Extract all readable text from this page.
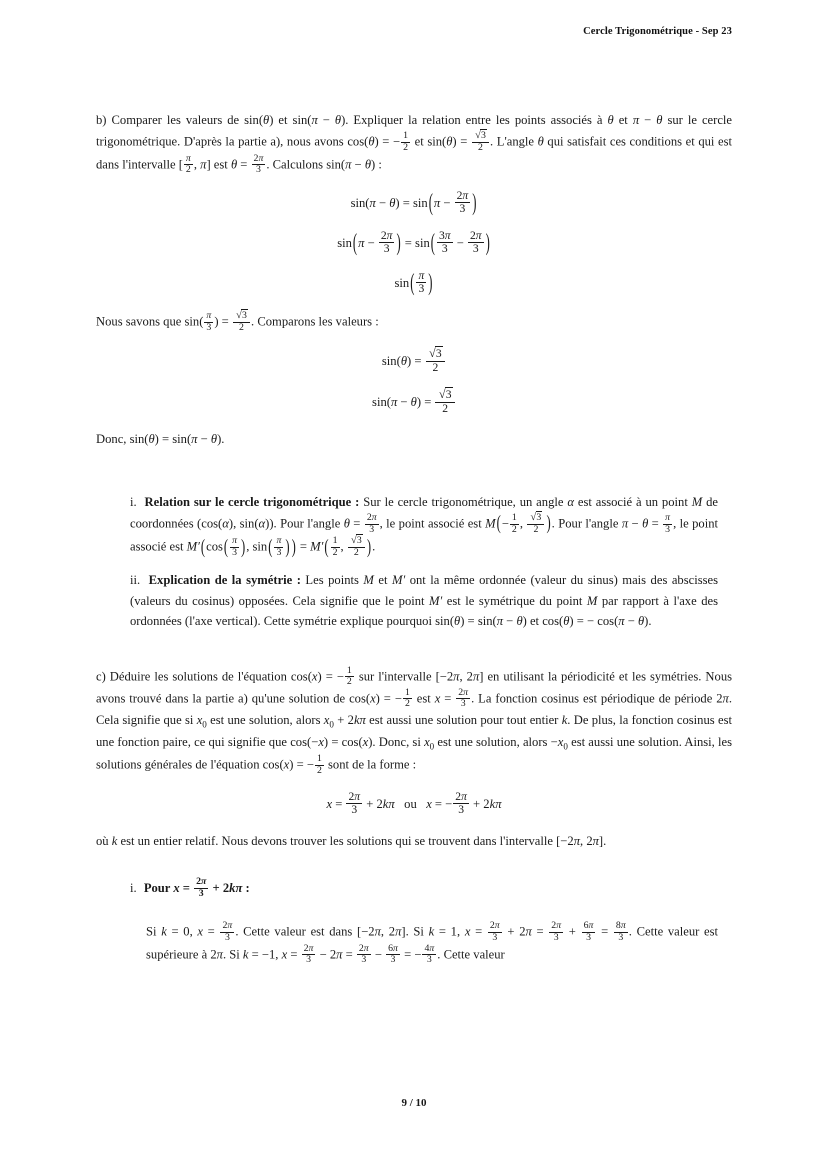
Cercle Trigonométrique - Sep 23

b) Comparer les valeurs de sin(θ) et sin(π − θ). Expliquer la relation entre les points associés à θ et π − θ sur le cercle trigonométrique. D'après la partie a), nous avons cos(θ) = − $\frac{1}{2}$ et $\sin(\theta) = \frac{√3}{2}$ . L'angle θ qui satisfait ces conditions et qui est dans l'intervalle [ $\frac{\pi}{2}$ , π] est $\theta = \frac{2\pi}{3}$ . Calculons sin(π − θ) :

$\sin(\pi - \theta) = \sin(\pi - \frac{2\pi}{3}$ )
$\sin(\pi - \frac{2\pi}{3}$ ) = $\sin( \frac{3\pi}{3} - \frac{2\pi}{3}$ )
$\sin( \frac{\pi}{3}$ )

Nous savons que $\sin( \frac{\pi}{3}$ ) = $\frac{√3}{2}$ . Comparons les valeurs :

$\sin(\theta) = \frac{√3}{2}$
$\sin(\pi - \theta) = \frac{√3}{2}$

Donc, sin(θ) = sin(π − θ).

i. Relation sur le cercle trigonométrique : Sur le cercle trigonométrique, un angle α est associé à un point M de coordonnées (cos(α), sin(α)). Pour l'angle $\theta = \frac{2\pi}{3}$ , le point associé est $M(- \frac{1}{2}$ , $\frac{√3}{2}$ ). Pour l'angle $\pi - \theta = \frac{\pi}{3}$ , le point associé est $M'(\cos( \frac{\pi}{3}$ ), $\sin( \frac{\pi}{3}$ ) ) = $M'( \frac{1}{2}$ , $\frac{√3}{2}$ ).

ii. Explication de la symétrie : Les points M et M′ ont la même ordonnée (valeur du sinus) mais des abscisses (valeurs du cosinus) opposées. Cela signifie que le point M′ est le symétrique du point M par rapport à l'axe des ordonnées (l'axe vertical). Cette symétrie explique pourquoi sin(θ) = sin(π − θ) et cos(θ) = − cos(π − θ).

c) Déduire les solutions de l'équation cos(x) = − $\frac{1}{2}$ sur l'intervalle [−2π, 2π] en utilisant la périodicité et les symétries. Nous avons trouvé dans la partie a) qu'une solution de cos(x) = − $\frac{1}{2}$ est $x = \frac{2\pi}{3}$ . La fonction cosinus est périodique de période 2π. Cela signifie que si $x_0$ est une solution, alors $x_0 + 2k\pi$ est aussi une solution pour tout entier k. De plus, la fonction cosinus est une fonction paire, ce qui signifie que cos(−x) = cos(x). Donc, si $x_0$ est une solution, alors $-x_0$ est aussi une solution. Ainsi, les solutions générales de l'équation cos(x) = − $\frac{1}{2}$ sont de la forme :

$x = \frac{2\pi}{3} + 2k\pi$   ou   x = − $\frac{2\pi}{3} + 2k\pi$

où k est un entier relatif. Nous devons trouver les solutions qui se trouvent dans l'intervalle [−2π, 2π].

i. Pour $x = \frac{2\pi}{3} + 2k\pi$ :

Si k = 0, $x = \frac{2\pi}{3}$ . Cette valeur est dans [−2π, 2π]. Si k = 1, $x = \frac{2\pi}{3} + 2\pi = \frac{2\pi}{3} + \frac{6\pi}{3} = \frac{8\pi}{3}$ . Cette valeur est supérieure à 2π. Si k = −1, $x = \frac{2\pi}{3} - 2\pi = \frac{2\pi}{3} - \frac{6\pi}{3}$ = − $\frac{4\pi}{3}$ . Cette valeur

9 / 10
